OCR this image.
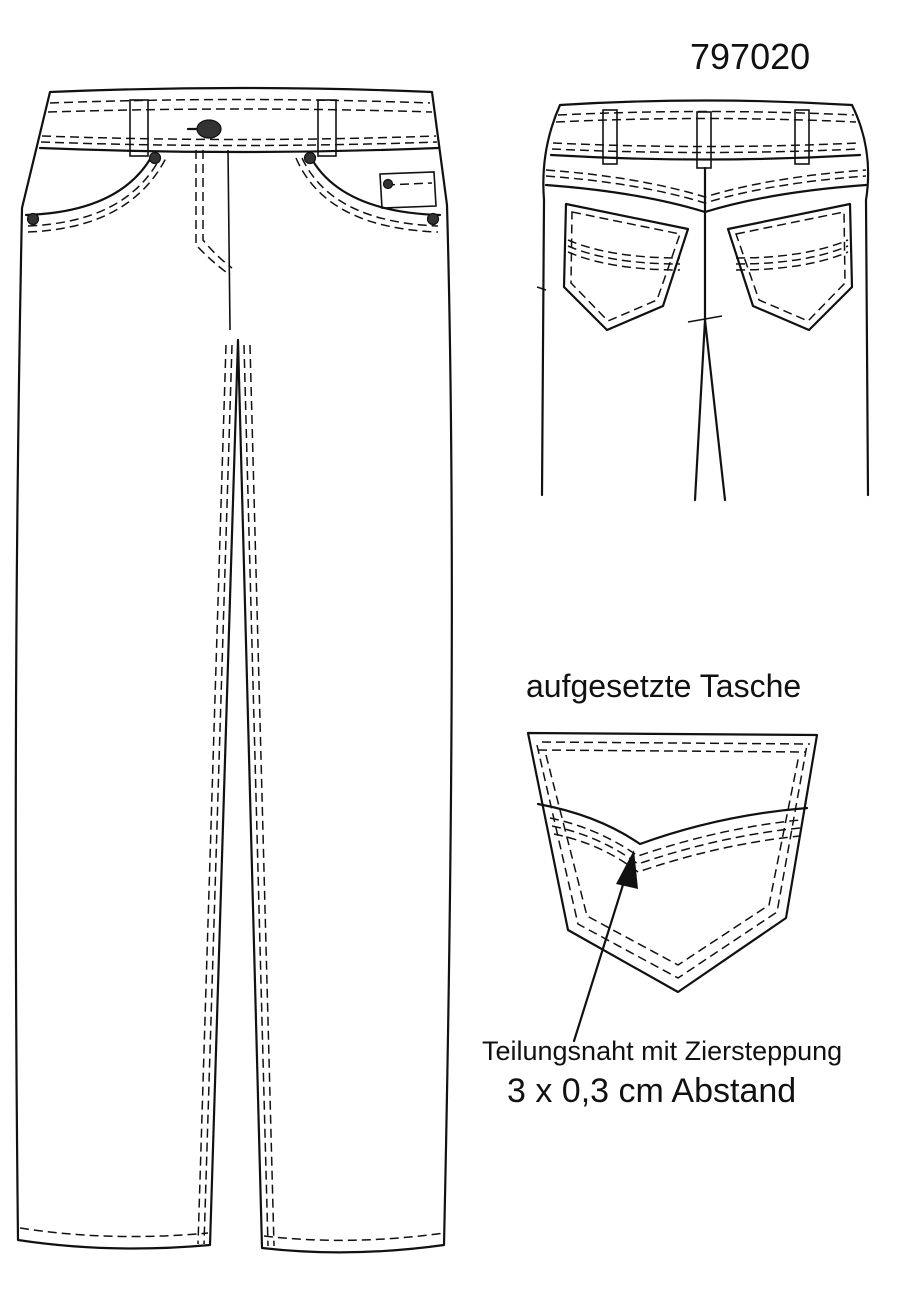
797020
aufgesetzte Tasche
Teilungsnaht mit Ziersteppung
3 x 0,3 cm Abstand
